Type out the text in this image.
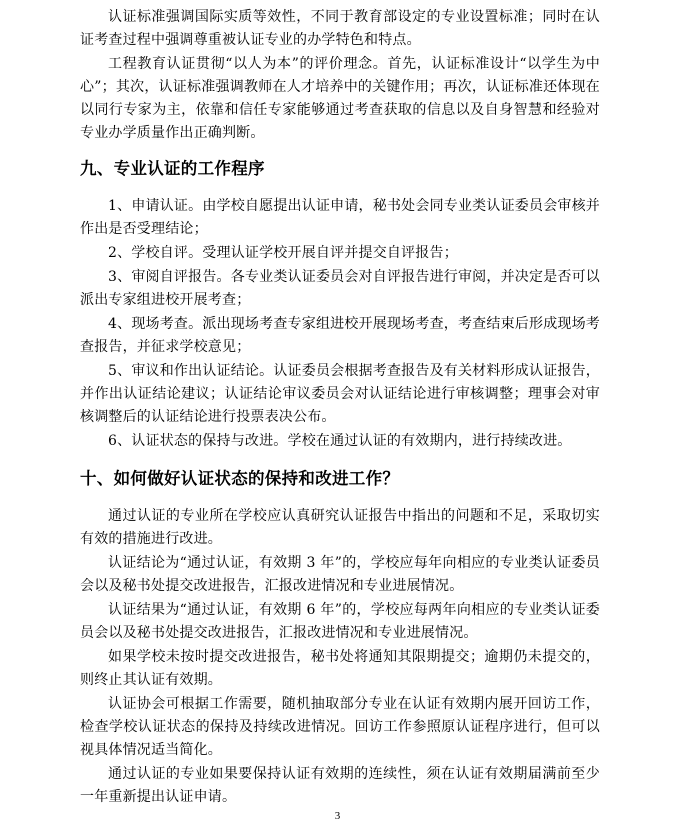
认证标准强调国际实质等效性，不同于教育部设定的专业设置标准；同时在认证考查过程中强调尊重被认证专业的办学特色和特点。

工程教育认证贯彻“以人为本”的评价理念。首先，认证标准设计“以学生为中心”；其次，认证标准强调教师在人才培养中的关键作用；再次，认证标准还体现在以同行专家为主，依靠和信任专家能够通过考查获取的信息以及自身智慧和经验对专业办学质量作出正确判断。

九、专业认证的工作程序

1、申请认证。由学校自愿提出认证申请，秘书处会同专业类认证委员会审核并作出是否受理结论；

2、学校自评。受理认证学校开展自评并提交自评报告；

3、审阅自评报告。各专业类认证委员会对自评报告进行审阅，并决定是否可以派出专家组进校开展考查；

4、现场考查。派出现场考查专家组进校开展现场考查，考查结束后形成现场考查报告，并征求学校意见；

5、审议和作出认证结论。认证委员会根据考查报告及有关材料形成认证报告，并作出认证结论建议；认证结论审议委员会对认证结论进行审核调整；理事会对审核调整后的认证结论进行投票表决公布。

6、认证状态的保持与改进。学校在通过认证的有效期内，进行持续改进。

十、如何做好认证状态的保持和改进工作？

通过认证的专业所在学校应认真研究认证报告中指出的问题和不足，采取切实有效的措施进行改进。

认证结论为“通过认证，有效期 3 年”的，学校应每年向相应的专业类认证委员会以及秘书处提交改进报告，汇报改进情况和专业进展情况。

认证结果为“通过认证，有效期 6 年”的，学校应每两年向相应的专业类认证委员会以及秘书处提交改进报告，汇报改进情况和专业进展情况。

如果学校未按时提交改进报告，秘书处将通知其限期提交；逾期仍未提交的，则终止其认证有效期。

认证协会可根据工作需要，随机抽取部分专业在认证有效期内展开回访工作，检查学校认证状态的保持及持续改进情况。回访工作参照原认证程序进行，但可以视具体情况适当简化。

通过认证的专业如果要保持认证有效期的连续性，须在认证有效期届满前至少一年重新提出认证申请。

3
